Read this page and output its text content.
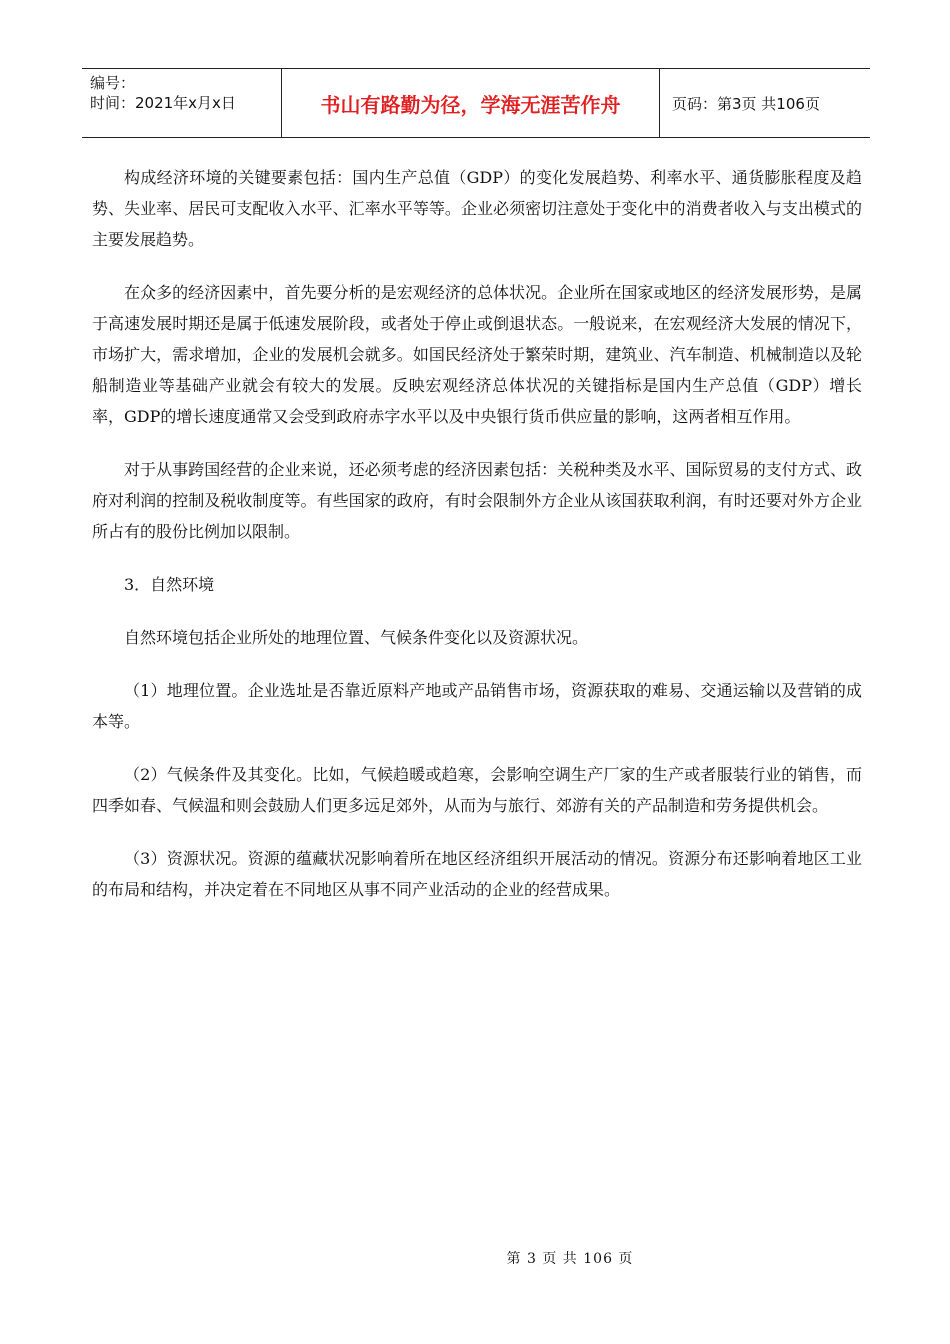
编号：
时间：2021年x月x日	书山有路勤为径，学海无涯苦作舟	页码：第3页 共106页

构成经济环境的关键要素包括：国内生产总值（GDP）的变化发展趋势、利率水平、通货膨胀程度及趋势、失业率、居民可支配收入水平、汇率水平等等。企业必须密切注意处于变化中的消费者收入与支出模式的主要发展趋势。

在众多的经济因素中，首先要分析的是宏观经济的总体状况。企业所在国家或地区的经济发展形势，是属于高速发展时期还是属于低速发展阶段，或者处于停止或倒退状态。一般说来，在宏观经济大发展的情况下，市场扩大，需求增加，企业的发展机会就多。如国民经济处于繁荣时期，建筑业、汽车制造、机械制造以及轮船制造业等基础产业就会有较大的发展。反映宏观经济总体状况的关键指标是国内生产总值（GDP）增长率，GDP的增长速度通常又会受到政府赤字水平以及中央银行货币供应量的影响，这两者相互作用。

对于从事跨国经营的企业来说，还必须考虑的经济因素包括：关税种类及水平、国际贸易的支付方式、政府对利润的控制及税收制度等。有些国家的政府，有时会限制外方企业从该国获取利润，有时还要对外方企业所占有的股份比例加以限制。

3．自然环境

自然环境包括企业所处的地理位置、气候条件变化以及资源状况。

（1）地理位置。企业选址是否靠近原料产地或产品销售市场，资源获取的难易、交通运输以及营销的成本等。

（2）气候条件及其变化。比如，气候趋暖或趋寒，会影响空调生产厂家的生产或者服装行业的销售，而四季如春、气候温和则会鼓励人们更多远足郊外，从而为与旅行、郊游有关的产品制造和劳务提供机会。

（3）资源状况。资源的蕴藏状况影响着所在地区经济组织开展活动的情况。资源分布还影响着地区工业的布局和结构，并决定着在不同地区从事不同产业活动的企业的经营成果。

第 3 页 共 106 页
